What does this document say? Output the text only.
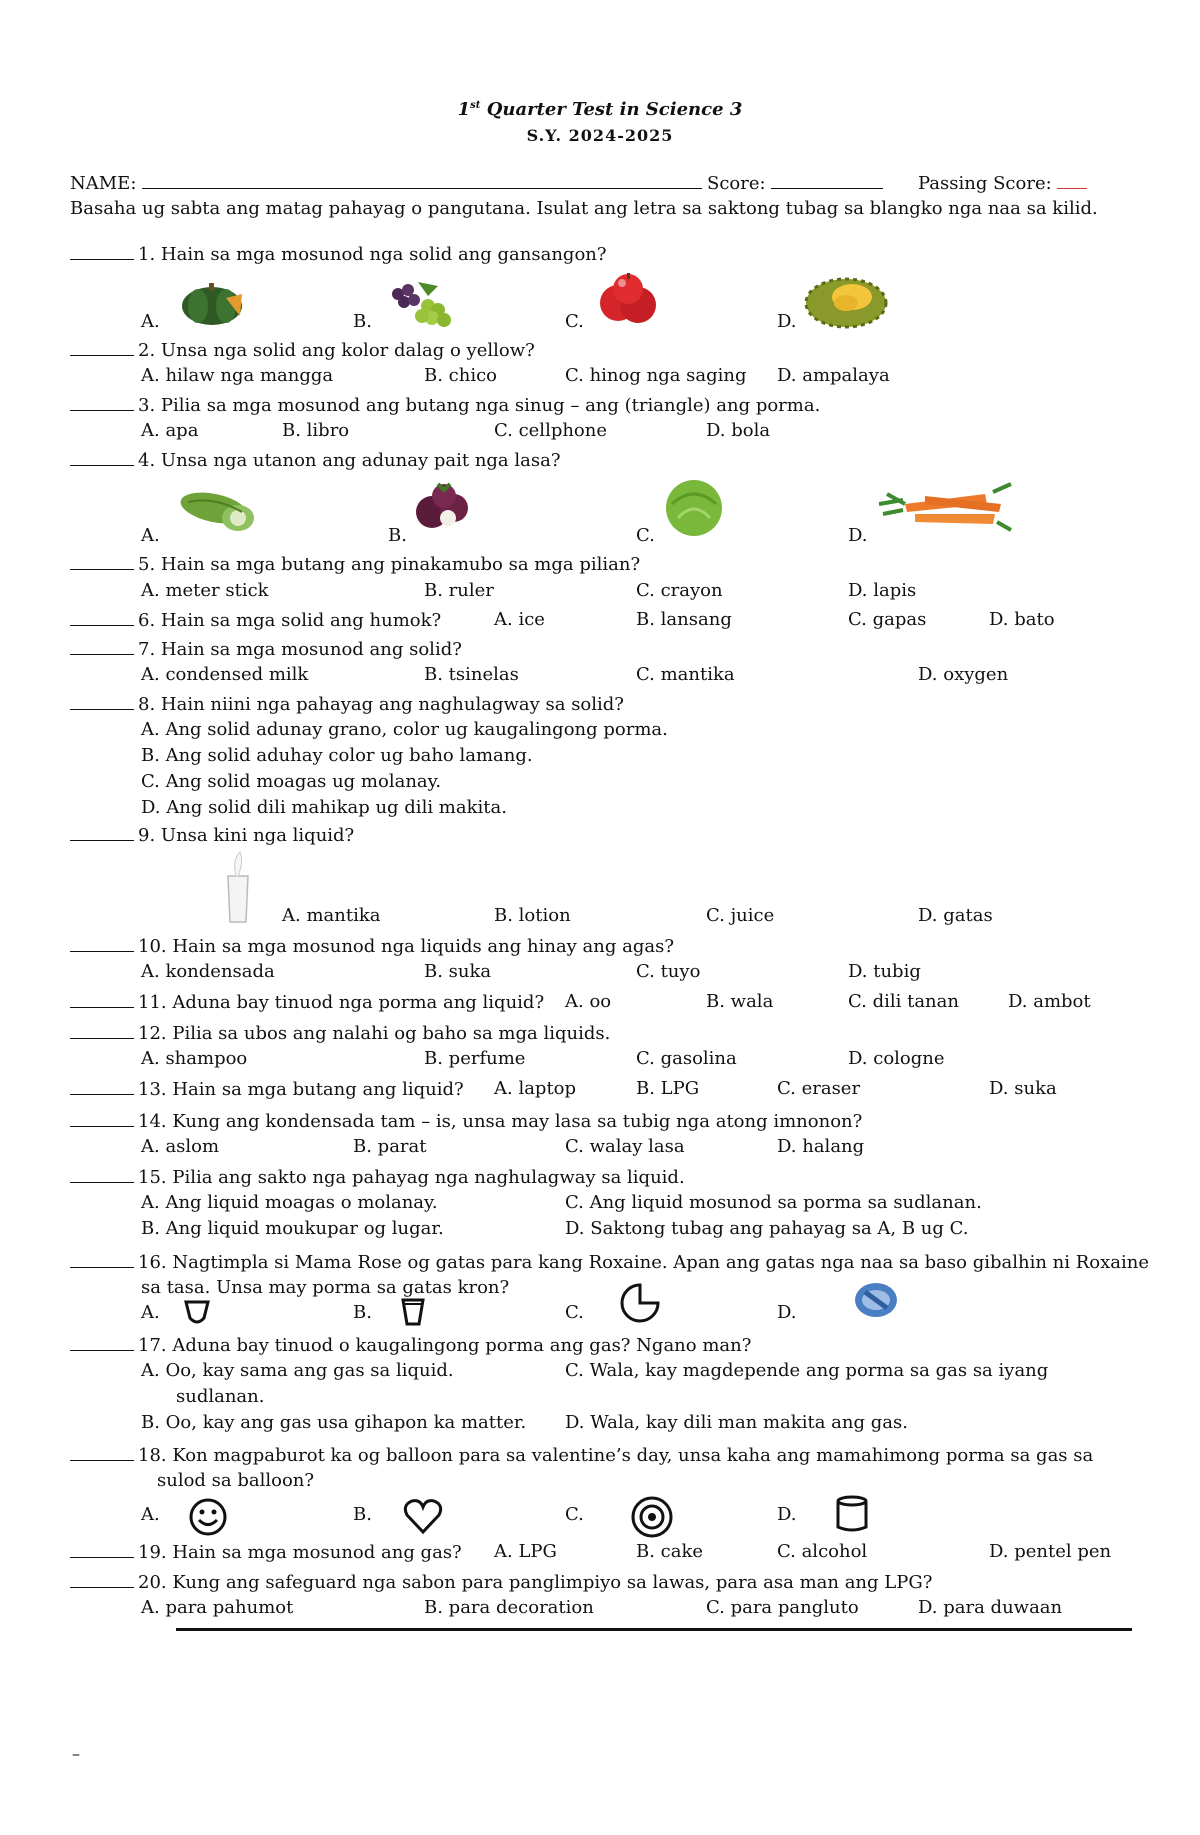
1st Quarter Test in Science 3
S.Y. 2024-2025
NAME:	Score:	Passing Score:
Basaha ug sabta ang matag pahayag o pangutana. Isulat ang letra sa saktong tubag sa blangko nga naa sa kilid.
1. Hain sa mga mosunod nga solid ang gansangon?
A.	B.	C.	D.
2. Unsa nga solid ang kolor dalag o yellow?
A. hilaw nga mangga	B. chico	C. hinog nga saging D. ampalaya
3. Pilia sa mga mosunod ang butang nga sinug – ang (triangle) ang porma.
A. apa	B. libro	C. cellphone	D. bola
4. Unsa nga utanon ang adunay pait nga lasa?
A.	B.	C.	D.
5. Hain sa mga butang ang pinakamubo sa mga pilian?
A. meter stick	B. ruler	C. crayon	D. lapis
6. Hain sa mga solid ang humok?	A. ice	B. lansang	C. gapas	D. bato
7. Hain sa mga mosunod ang solid?
A. condensed milk	B. tsinelas	C. mantika	D. oxygen
8. Hain niini nga pahayag ang naghulagway sa solid?
A. Ang solid adunay grano, color ug kaugalingong porma.
B. Ang solid aduhay color ug baho lamang.
C. Ang solid moagas ug molanay.
D. Ang solid dili mahikap ug dili makita.
9. Unsa kini nga liquid?
A. mantika	B. lotion	C. juice	D. gatas
10. Hain sa mga mosunod nga liquids ang hinay ang agas?
A. kondensada	B. suka	C. tuyo	D. tubig
11. Aduna bay tinuod nga porma ang liquid? A. oo	B. wala	C. dili tanan	D. ambot
12. Pilia sa ubos ang nalahi og baho sa mga liquids.
A. shampoo	B. perfume	C. gasolina	D. cologne
13. Hain sa mga butang ang liquid? A. laptop	B. LPG	C. eraser	D. suka
14. Kung ang kondensada tam – is, unsa may lasa sa tubig nga atong imnonon?
A. aslom	B. parat	C. walay lasa	D. halang
15. Pilia ang sakto nga pahayag nga naghulagway sa liquid.
A. Ang liquid moagas o molanay.	C. Ang liquid mosunod sa porma sa sudlanan.
B. Ang liquid moukupar og lugar.	D. Saktong tubag ang pahayag sa A, B ug C.
16. Nagtimpla si Mama Rose og gatas para kang Roxaine. Apan ang gatas nga naa sa baso gibalhin ni Roxaine
sa tasa. Unsa may porma sa gatas kron?
A.	B.	C.	D.
17. Aduna bay tinuod o kaugalingong porma ang gas? Ngano man?
A. Oo, kay sama ang gas sa liquid.	C. Wala, kay magdepende ang porma sa gas sa iyang
sudlanan.
B. Oo, kay ang gas usa gihapon ka matter. D. Wala, kay dili man makita ang gas.
18. Kon magpaburot ka og balloon para sa valentine’s day, unsa kaha ang mamahimong porma sa gas sa
sulod sa balloon?
A.	B.	C.	D.
19. Hain sa mga mosunod ang gas? A. LPG	B. cake	C. alcohol	D. pentel pen
20. Kung ang safeguard nga sabon para panglimpiyo sa lawas, para asa man ang LPG?
A. para pahumot	B. para decoration	C. para pangluto	D. para duwaan
–
